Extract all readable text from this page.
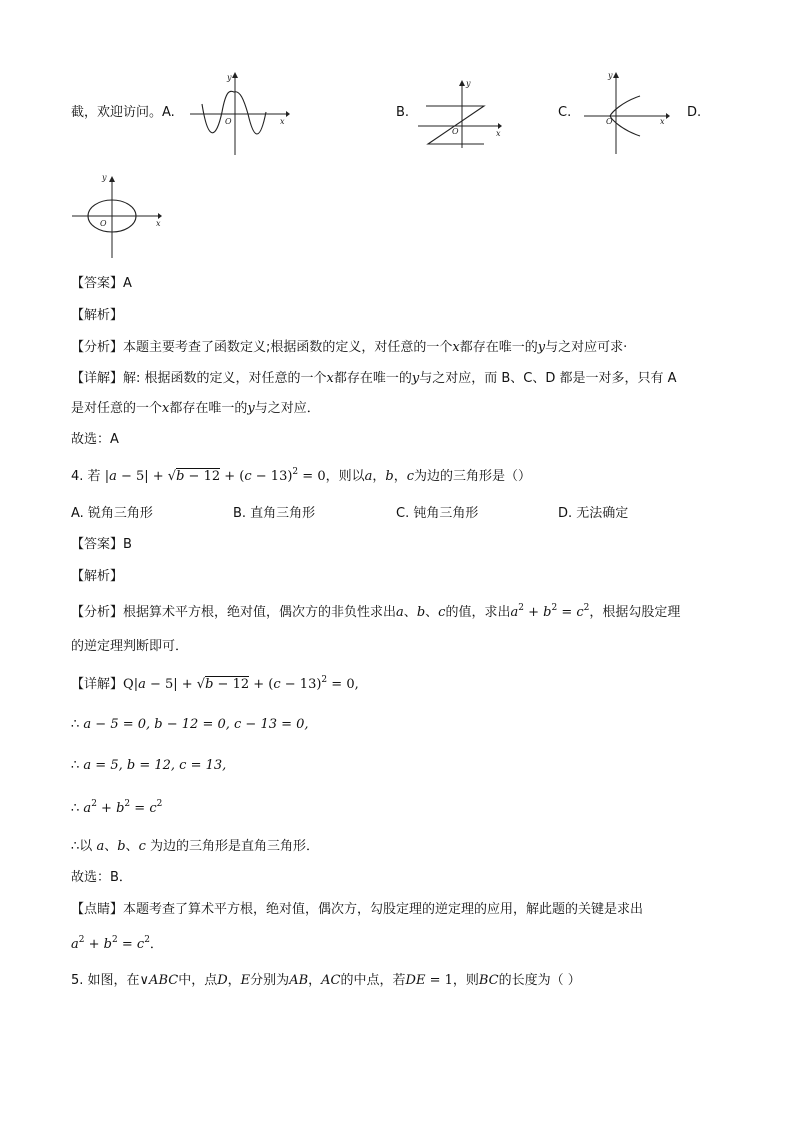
截，欢迎访问。A.
y
x
O
B.
y
x
O
C.
y
x
O
D.
y
x
O
【答案】A
【解析】
【分析】本题主要考查了函数定义;根据函数的定义，对任意的一个x都存在唯一的y与之对应可求·
【详解】解: 根据函数的定义，对任意的一个x都存在唯一的y与之对应，而 B、C、D 都是一对多，只有 A
是对任意的一个x都存在唯一的y与之对应．
故选：A
4. 若 $|a - 5| + √b - 12 + (c - 13)^2 = 0$，则以a，b，c为边的三角形是（）
A. 锐角三角形	B. 直角三角形	C. 钝角三角形	D. 无法确定
【答案】B
【解析】
【分析】根据算术平方根，绝对值，偶次方的非负性求出a、b、c的值，求出$a^2 + b^2 = c^2$，根据勾股定理
的逆定理判断即可．
【详解】$Q|a - 5| + √b - 12 + (c - 13)^2 = 0$,
∴ a − 5 = 0, b − 12 = 0, c − 13 = 0,
∴ a = 5, b = 12, c = 13,
∴ $a^2 + b^2 = c^2$
∴以 a、b、c 为边的三角形是直角三角形．
故选：B．
【点睛】本题考查了算术平方根，绝对值，偶次方，勾股定理的逆定理的应用，解此题的关键是求出
$a^2 + b^2 = c^2$．
5. 如图，在∨ABC中，点D，E分别为AB，AC的中点，若DE = 1，则BC的长度为（ ）
